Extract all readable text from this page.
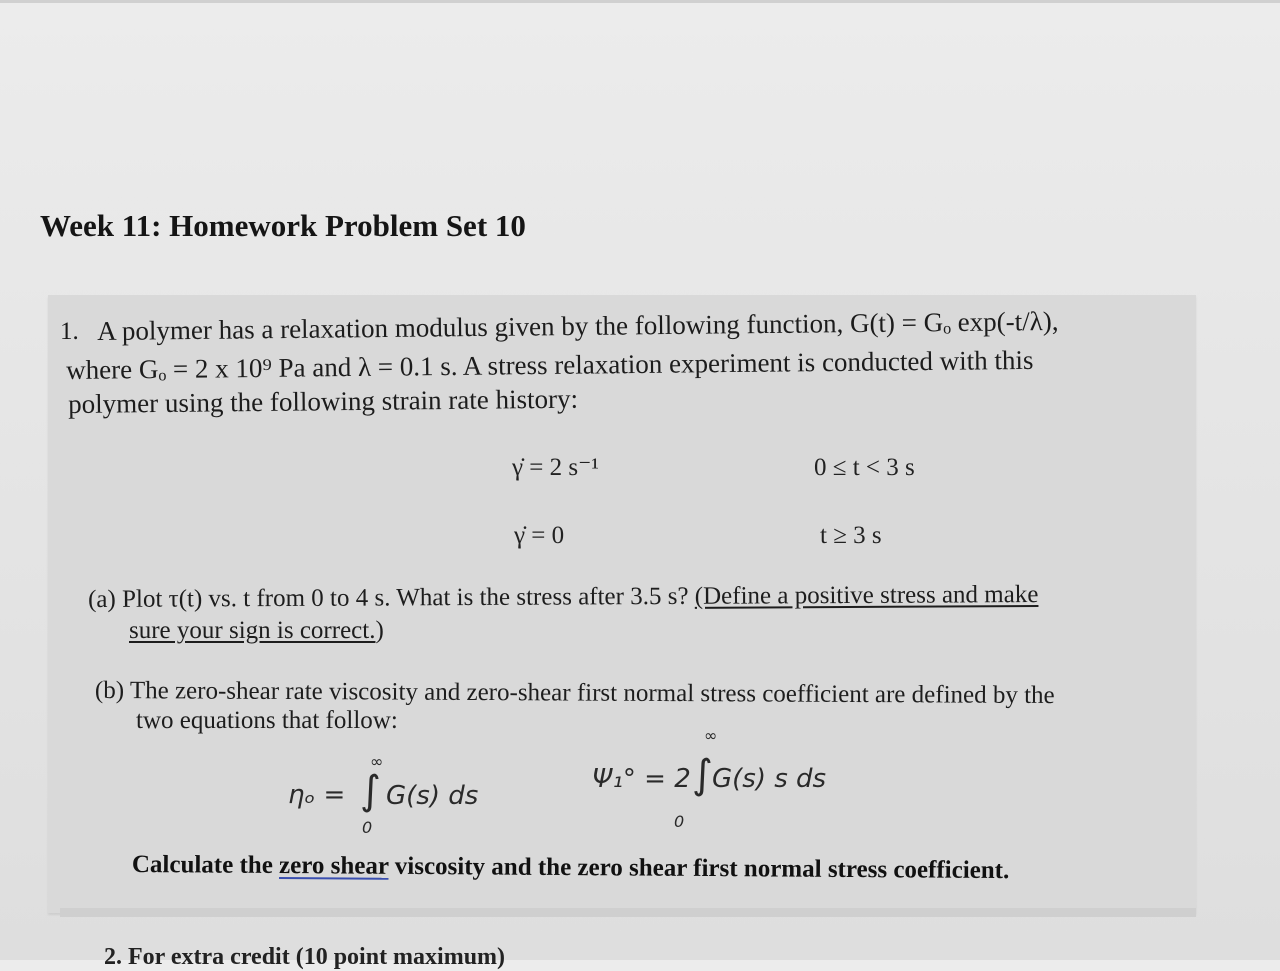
Week 11: Homework Problem Set 10
1. A polymer has a relaxation modulus given by the following function, G(t) = Gₒ exp(-t/λ),
where Gₒ = 2 x 10⁹ Pa and λ = 0.1 s. A stress relaxation experiment is conducted with this
polymer using the following strain rate history:
γ̇ = 2 s⁻¹	0 ≤ t < 3 s
γ̇ = 0	t ≥ 3 s
(a) Plot τ(t) vs. t from 0 to 4 s. What is the stress after 3.5 s? (Define a positive stress and make
sure your sign is correct.)
(b) The zero-shear rate viscosity and zero-shear first normal stress coefficient are defined by the
two equations that follow:
ηₒ = ∫
∞
0
G(s) ds
Ψ₁° = 2 ∫
∞
0
G(s) s ds
Calculate the zero shear viscosity and the zero shear first normal stress coefficient.
2. For extra credit (10 point maximum)
